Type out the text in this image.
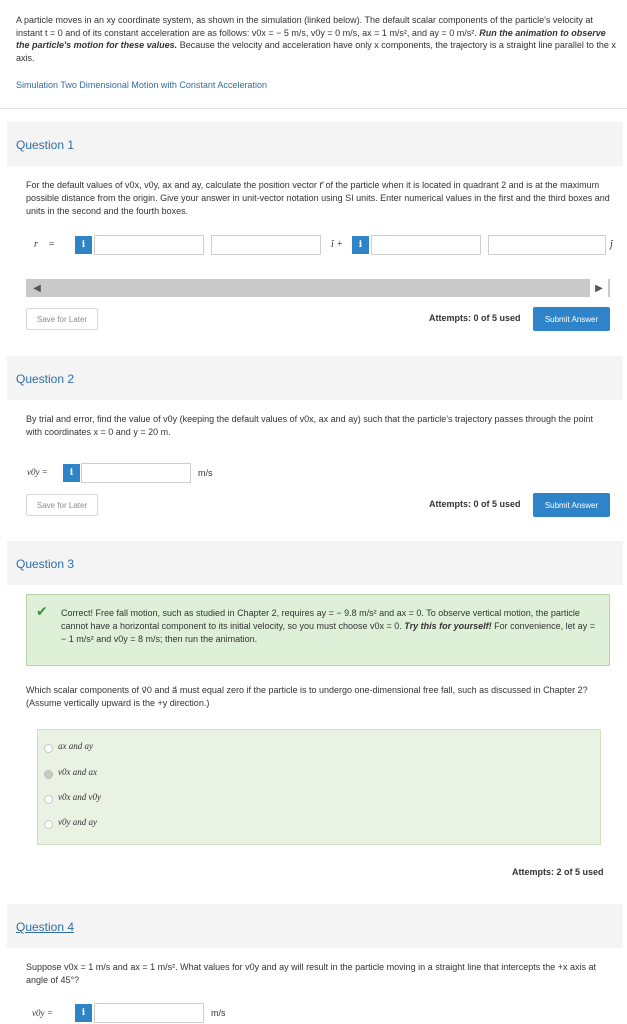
A particle moves in an xy coordinate system, as shown in the simulation (linked below). The default scalar components of the particle's velocity at instant t = 0 and of its constant acceleration are as follows: v0x = − 5 m/s, v0y = 0 m/s, ax = 1 m/s², and ay = 0 m/s². Run the animation to observe the particle's motion for these values. Because the velocity and acceleration have only x components, the trajectory is a straight line parallel to the x axis.
Simulation Two Dimensional Motion with Constant Acceleration
Question 1
For the default values of v0x, v0y, ax and ay, calculate the position vector r⃗ of the particle when it is located in quadrant 2 and is at the maximum possible distance from the origin. Give your answer in unit-vector notation using SI units. Enter numerical values in the first and the third boxes and units in the second and the fourth boxes.
r⃗ =	i	î +	i	ĵ
◀	▶
Save for Later	Attempts: 0 of 5 used	Submit Answer
Question 2
By trial and error, find the value of v0y (keeping the default values of v0x, ax and ay) such that the particle's trajectory passes through the point with coordinates x = 0 and y = 20 m.
v0y =	i	m/s
Save for Later	Attempts: 0 of 5 used	Submit Answer
Question 3
✔ Correct! Free fall motion, such as studied in Chapter 2, requires ay = − 9.8 m/s² and ax = 0. To observe vertical motion, the particle cannot have a horizontal component to its initial velocity, so you must choose v0x = 0. Try this for yourself! For convenience, let ay = − 1 m/s² and v0y = 8 m/s; then run the animation.
Which scalar components of v⃗0 and a⃗ must equal zero if the particle is to undergo one-dimensional free fall, such as discussed in Chapter 2? (Assume vertically upward is the +y direction.)
ax and ay
v0x and ax
v0x and v0y
v0y and ay
Attempts: 2 of 5 used
Question 4
Suppose v0x = 1 m/s and ax = 1 m/s². What values for v0y and ay will result in the particle moving in a straight line that intercepts the +x axis at angle of 45°?
v0y =	i	m/s
